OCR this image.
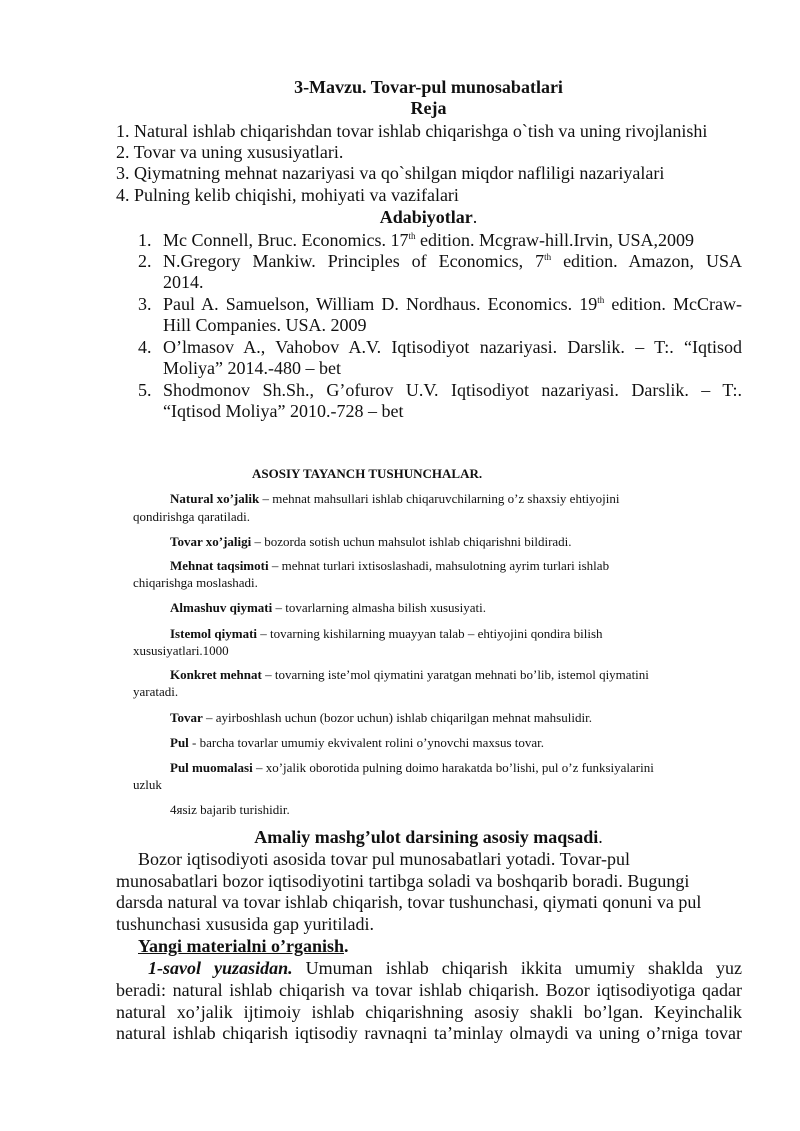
3-Mavzu. Tovar-pul munosabatlari
Reja
1. Natural ishlab chiqarishdan tovar ishlab chiqarishga o`tish va uning rivojlanishi
2. Tovar va uning xususiyatlari.
3. Qiymatning mehnat nazariyasi va qo`shilgan miqdor nafliligi nazariyalari
4. Pulning kelib chiqishi, mohiyati va vazifalari
Adabiyotlar.
1. Mc Connell, Bruc. Economics. 17th edition. Mcgraw-hill.Irvin, USA,2009
2. N.Gregory Mankiw. Principles of Economics, 7th edition. Amazon, USA
2014.
3. Paul A. Samuelson, William D. Nordhaus. Economics. 19th edition. McCraw-
Hill Companies. USA. 2009
4. O’lmasov A., Vahobov A.V. Iqtisodiyot nazariyasi. Darslik. – T:. “Iqtisod
Moliya” 2014.-480 – bet
5. Shodmonov Sh.Sh., G’ofurov U.V. Iqtisodiyot nazariyasi. Darslik. – T:.
“Iqtisod Moliya” 2010.-728 – bet
ASOSIY TAYANCH TUSHUNCHALAR.
Natural xo’jalik – mehnat mahsullari ishlab chiqaruvchilarning o’z shaxsiy ehtiyojini
qondirishga qaratiladi.
Tovar xo’jaligi – bozorda sotish uchun mahsulot ishlab chiqarishni bildiradi.
Mehnat taqsimoti – mehnat turlari ixtisoslashadi, mahsulotning ayrim turlari ishlab
chiqarishga moslashadi.
Almashuv qiymati – tovarlarning almasha bilish xususiyati.
Istemol qiymati – tovarning kishilarning muayyan talab – ehtiyojini qondira bilish
xususiyatlari.1000
Konkret mehnat – tovarning iste’mol qiymatini yaratgan mehnati bo’lib, istemol qiymatini
yaratadi.
Tovar – ayirboshlash uchun (bozor uchun) ishlab chiqarilgan mehnat mahsulidir.
Pul - barcha tovarlar umumiy ekvivalent rolini o’ynovchi maxsus tovar.
Pul muomalasi – xo’jalik oborotida pulning doimo harakatda bo’lishi, pul o’z funksiyalarini
uzluk
4яsiz bajarib turishidir.
Amaliy mashg’ulot darsining asosiy maqsadi.
Bozor iqtisodiyoti asosida tovar pul munosabatlari yotadi. Tovar-pul
munosabatlari bozor iqtisodiyotini tartibga soladi va boshqarib boradi. Bugungi
darsda natural va tovar ishlab chiqarish, tovar tushunchasi, qiymati qonuni va pul
tushunchasi xususida gap yuritiladi.
Yangi materialni o’rganish.
1-savol yuzasidan. Umuman ishlab chiqarish ikkita umumiy shaklda yuz
beradi: natural ishlab chiqarish va tovar ishlab chiqarish. Bozor iqtisodiyotiga qadar
natural xo’jalik ijtimoiy ishlab chiqarishning asosiy shakli bo’lgan. Keyinchalik
natural ishlab chiqarish iqtisodiy ravnaqni ta’minlay olmaydi va uning o’rniga tovar
